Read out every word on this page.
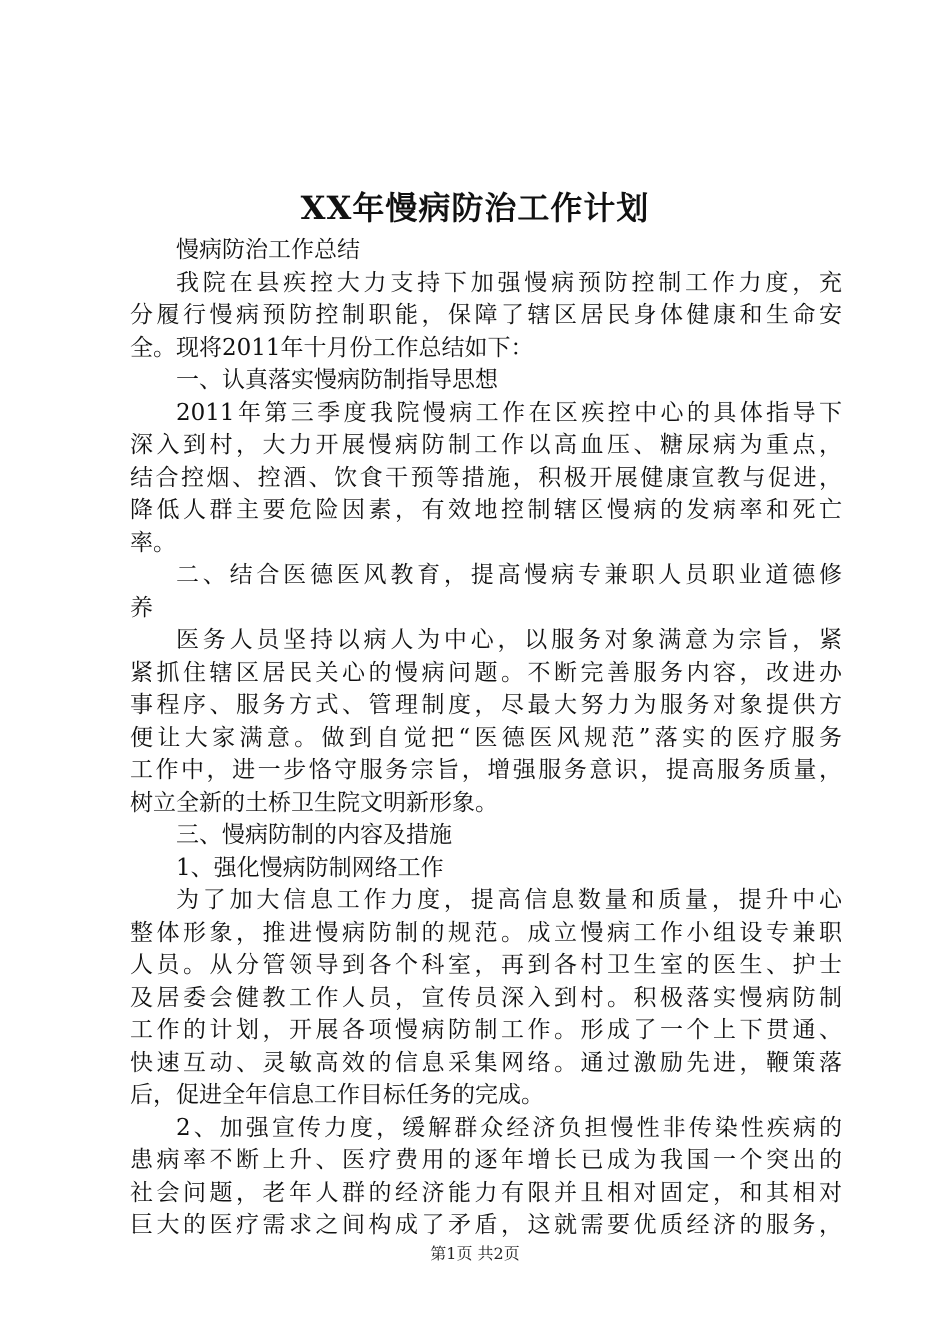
XX年慢病防治工作计划
慢病防治工作总结
我院在县疾控大力支持下加强慢病预防控制工作力度，充
分履行慢病预防控制职能，保障了辖区居民身体健康和生命安
全。现将2011年十月份工作总结如下：
一、认真落实慢病防制指导思想
2011年第三季度我院慢病工作在区疾控中心的具体指导下
深入到村，大力开展慢病防制工作以高血压、糖尿病为重点，
结合控烟、控酒、饮食干预等措施，积极开展健康宣教与促进，
降低人群主要危险因素，有效地控制辖区慢病的发病率和死亡
率。
二、结合医德医风教育，提高慢病专兼职人员职业道德修
养
医务人员坚持以病人为中心，以服务对象满意为宗旨，紧
紧抓住辖区居民关心的慢病问题。不断完善服务内容，改进办
事程序、服务方式、管理制度，尽最大努力为服务对象提供方
便让大家满意。做到自觉把“医德医风规范”落实的医疗服务
工作中，进一步恪守服务宗旨，增强服务意识，提高服务质量，
树立全新的土桥卫生院文明新形象。
三、慢病防制的内容及措施
1、强化慢病防制网络工作
为了加大信息工作力度，提高信息数量和质量，提升中心
整体形象，推进慢病防制的规范。成立慢病工作小组设专兼职
人员。从分管领导到各个科室，再到各村卫生室的医生、护士
及居委会健教工作人员，宣传员深入到村。积极落实慢病防制
工作的计划，开展各项慢病防制工作。形成了一个上下贯通、
快速互动、灵敏高效的信息采集网络。通过激励先进，鞭策落
后，促进全年信息工作目标任务的完成。
2、加强宣传力度，缓解群众经济负担慢性非传染性疾病的
患病率不断上升、医疗费用的逐年增长已成为我国一个突出的
社会问题，老年人群的经济能力有限并且相对固定，和其相对
巨大的医疗需求之间构成了矛盾，这就需要优质经济的服务，
第1页 共2页
